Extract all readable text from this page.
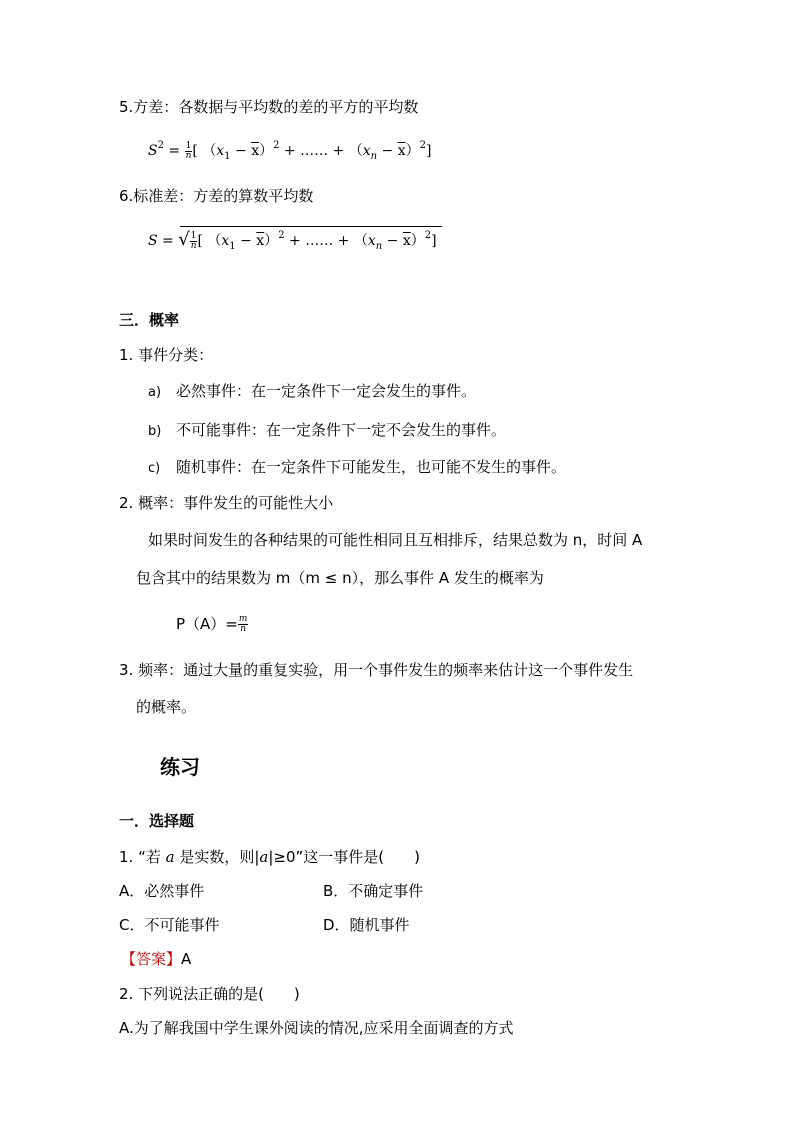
5.方差：各数据与平均数的差的平方的平均数
$S^2 = \frac{1}{n}$ [ $(x_1 - \overline{x})^2$ + …… + $(x_n - \overline{x})^2$]
6.标准差：方差的算数平均数
S = √ $\frac{1}{n}$ [ $(x_1 - \overline{x})^2$ + …… + $(x_n - \overline{x})^2$]
三．概率
1. 事件分类：
a) 必然事件：在一定条件下一定会发生的事件。
b) 不可能事件：在一定条件下一定不会发生的事件。
c) 随机事件：在一定条件下可能发生，也可能不发生的事件。
2. 概率：事件发生的可能性大小
如果时间发生的各种结果的可能性相同且互相排斥，结果总数为 n，时间 A
包含其中的结果数为 m（m ≤ n），那么事件 A 发生的概率为
$P(A)= \frac{m}{n}$
3. 频率：通过大量的重复实验，用一个事件发生的频率来估计这一个事件发生
的概率。
练习
一．选择题
1. “若 a 是实数，则|a|≥0”这一事件是(　　)
A．必然事件	B．不确定事件
C．不可能事件	D．随机事件
【答案】A
2. 下列说法正确的是(　　)
A.为了解我国中学生课外阅读的情况,应采用全面调查的方式
